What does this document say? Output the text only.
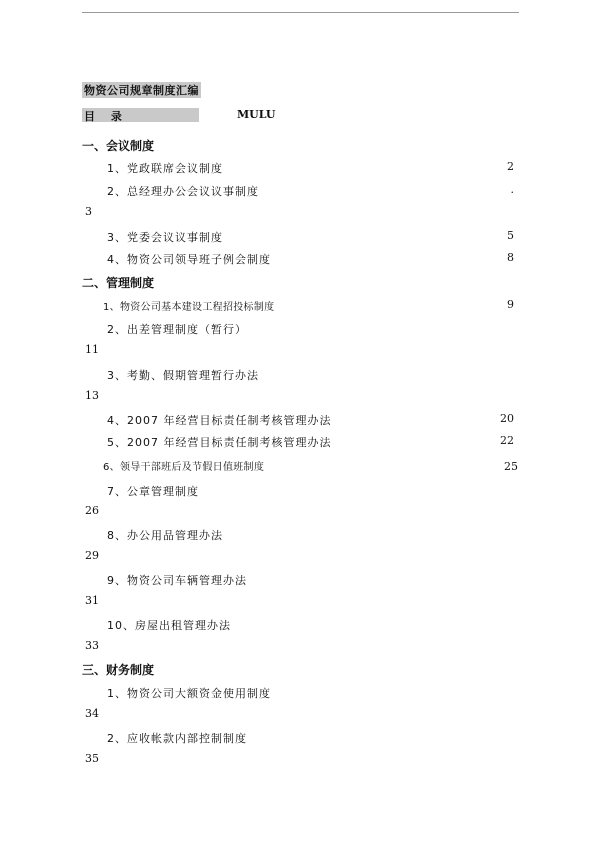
物资公司规章制度汇编
目 录	MULU
一、会议制度
1、党政联席会议制度	2
2、总经理办公会议议事制度	.
3
3、党委会议议事制度	5
4、物资公司领导班子例会制度	8
二、管理制度
1、物资公司基本建设工程招投标制度	9
2、出差管理制度（暂行）
11
3、考勤、假期管理暂行办法
13
4、2007 年经营目标责任制考核管理办法	20
5、2007 年经营目标责任制考核管理办法	22
6、领导干部班后及节假日值班制度	25
7、公章管理制度
26
8、办公用品管理办法
29
9、物资公司车辆管理办法
31
10、房屋出租管理办法
33
三、财务制度
1、物资公司大额资金使用制度
34
2、应收帐款内部控制制度
35
